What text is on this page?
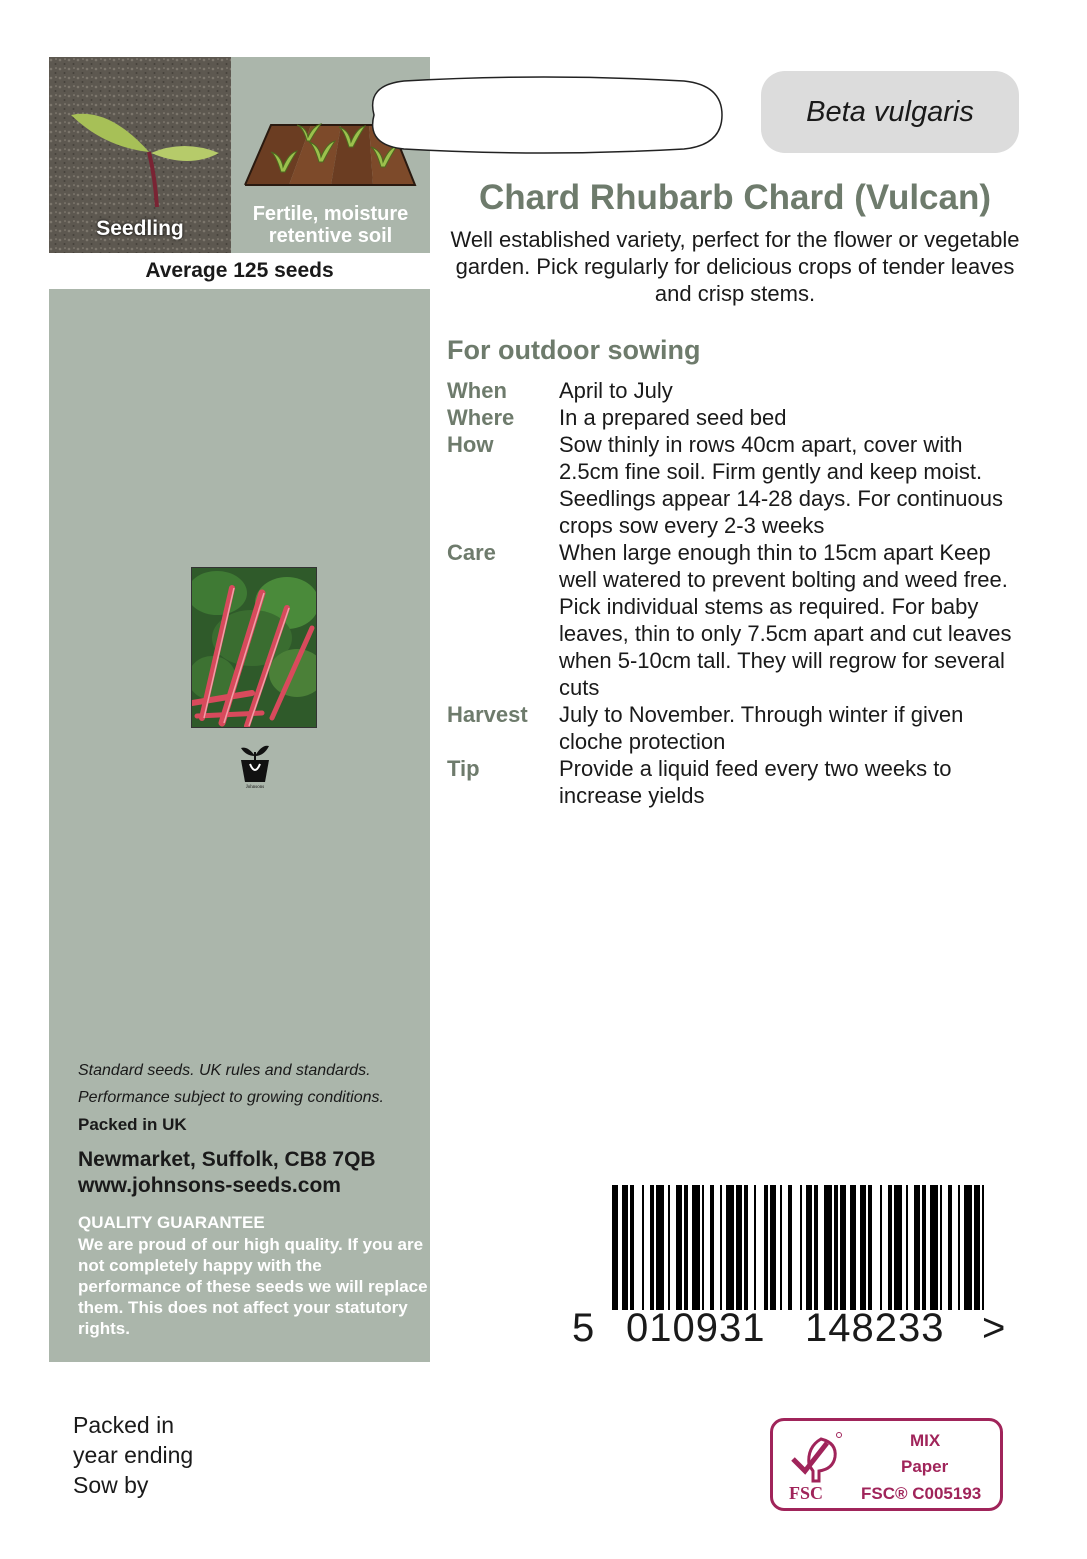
Seedling
Fertile, moisture
retentive soil
Average 125 seeds
Johnsons
Standard seeds. UK rules and standards.
Performance subject to growing conditions.
Packed in UK
Newmarket, Suffolk, CB8 7QB
www.johnsons-seeds.com
QUALITY GUARANTEE
We are proud of our high quality. If you are not completely happy with the performance of these seeds we will replace them. This does not affect your statutory rights.
Packed in
year ending
Sow by
Beta vulgaris
Chard Rhubarb Chard (Vulcan)
Well established variety, perfect for the flower or vegetable garden. Pick regularly for delicious crops of tender leaves and crisp stems.
For outdoor sowing
When April to July
Where In a prepared seed bed
How	Sow thinly in rows 40cm apart, cover with 2.5cm fine soil. Firm gently and keep moist. Seedlings appear 14-28 days. For continuous crops sow every 2-3 weeks
Care	When large enough thin to 15cm apart Keep well watered to prevent bolting and weed free. Pick individual stems as required. For baby leaves, thin to only 7.5cm apart and cut leaves when 5-10cm tall. They will regrow for several cuts
Harvest July to November. Through winter if given cloche protection
Tip	Provide a liquid feed every two weeks to increase yields
5 010931 148233 >
FSC
MIX
Paper
FSC® C005193
